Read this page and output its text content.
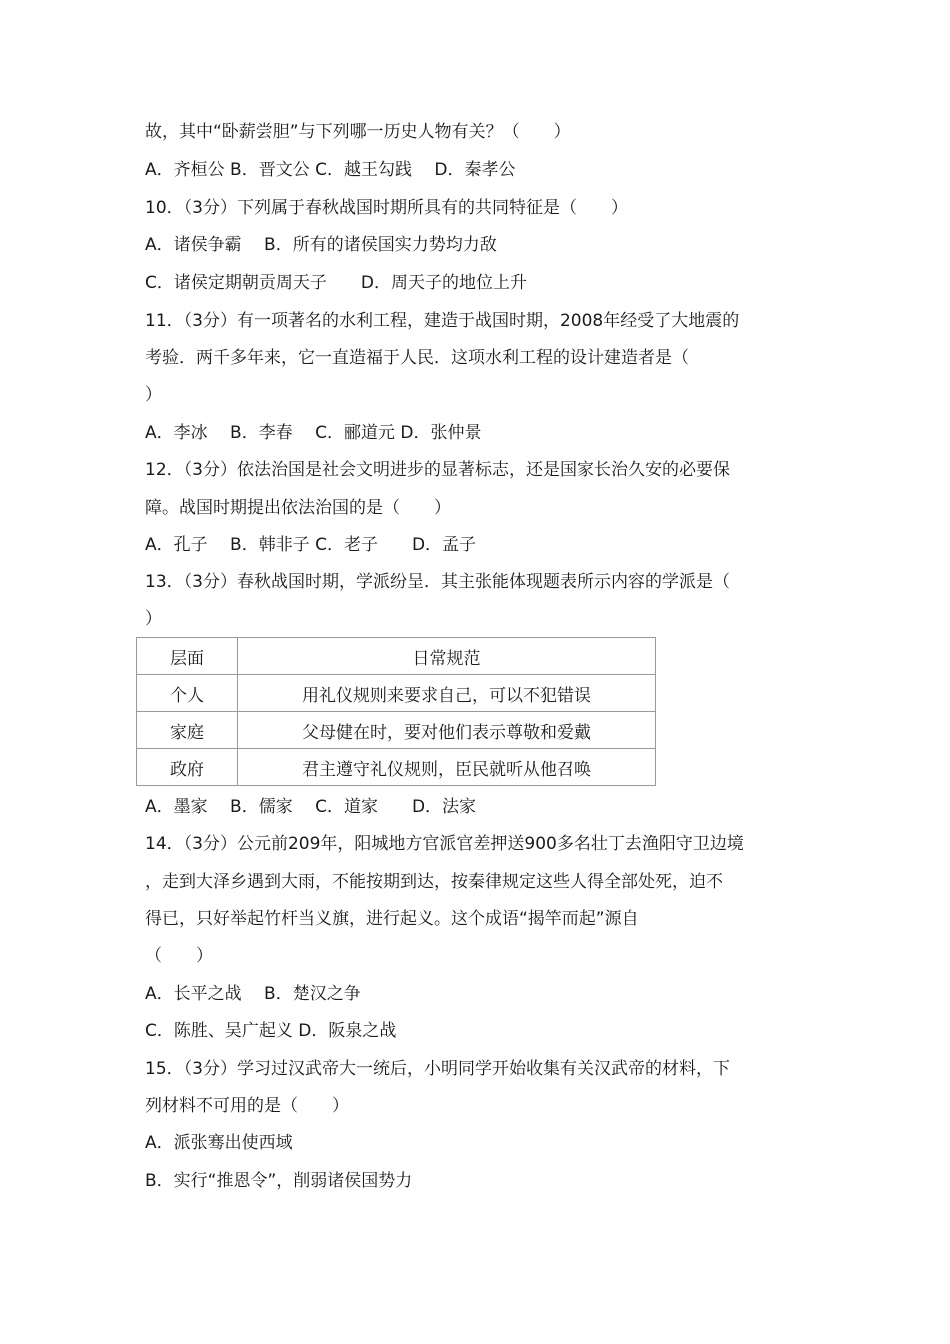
故，其中“卧薪尝胆”与下列哪一历史人物有关？（　　）
A．齐桓公 B．晋文公 C．越王勾践　 D．秦孝公
10．（3分）下列属于春秋战国时期所具有的共同特征是（　　）
A．诸侯争霸　 B．所有的诸侯国实力势均力敌
C．诸侯定期朝贡周天子　　D．周天子的地位上升
11．（3分）有一项著名的水利工程，建造于战国时期，2008年经受了大地震的
考验．两千多年来，它一直造福于人民．这项水利工程的设计建造者是（
）
A．李冰　 B．李春　 C．郦道元 D．张仲景
12．（3分）依法治国是社会文明进步的显著标志，还是国家长治久安的必要保
障。战国时期提出依法治国的是（　　）
A．孔子　 B．韩非子 C．老子　　D．孟子
13．（3分）春秋战国时期，学派纷呈．其主张能体现题表所示内容的学派是（
）
层面	日常规范
个人	用礼仪规则来要求自己，可以不犯错误
家庭	父母健在时，要对他们表示尊敬和爱戴
政府	君主遵守礼仪规则，臣民就听从他召唤
A．墨家　 B．儒家　 C．道家　　D．法家
14．（3分）公元前209年，阳城地方官派官差押送900多名壮丁去渔阳守卫边境
，走到大泽乡遇到大雨，不能按期到达，按秦律规定这些人得全部处死，迫不
得已，只好举起竹杆当义旗，进行起义。这个成语“揭竿而起”源自
（　　）
A．长平之战　 B．楚汉之争
C．陈胜、吴广起义 D．阪泉之战
15．（3分）学习过汉武帝大一统后，小明同学开始收集有关汉武帝的材料，下
列材料不可用的是（　　）
A．派张骞出使西域
B．实行“推恩令”，削弱诸侯国势力
